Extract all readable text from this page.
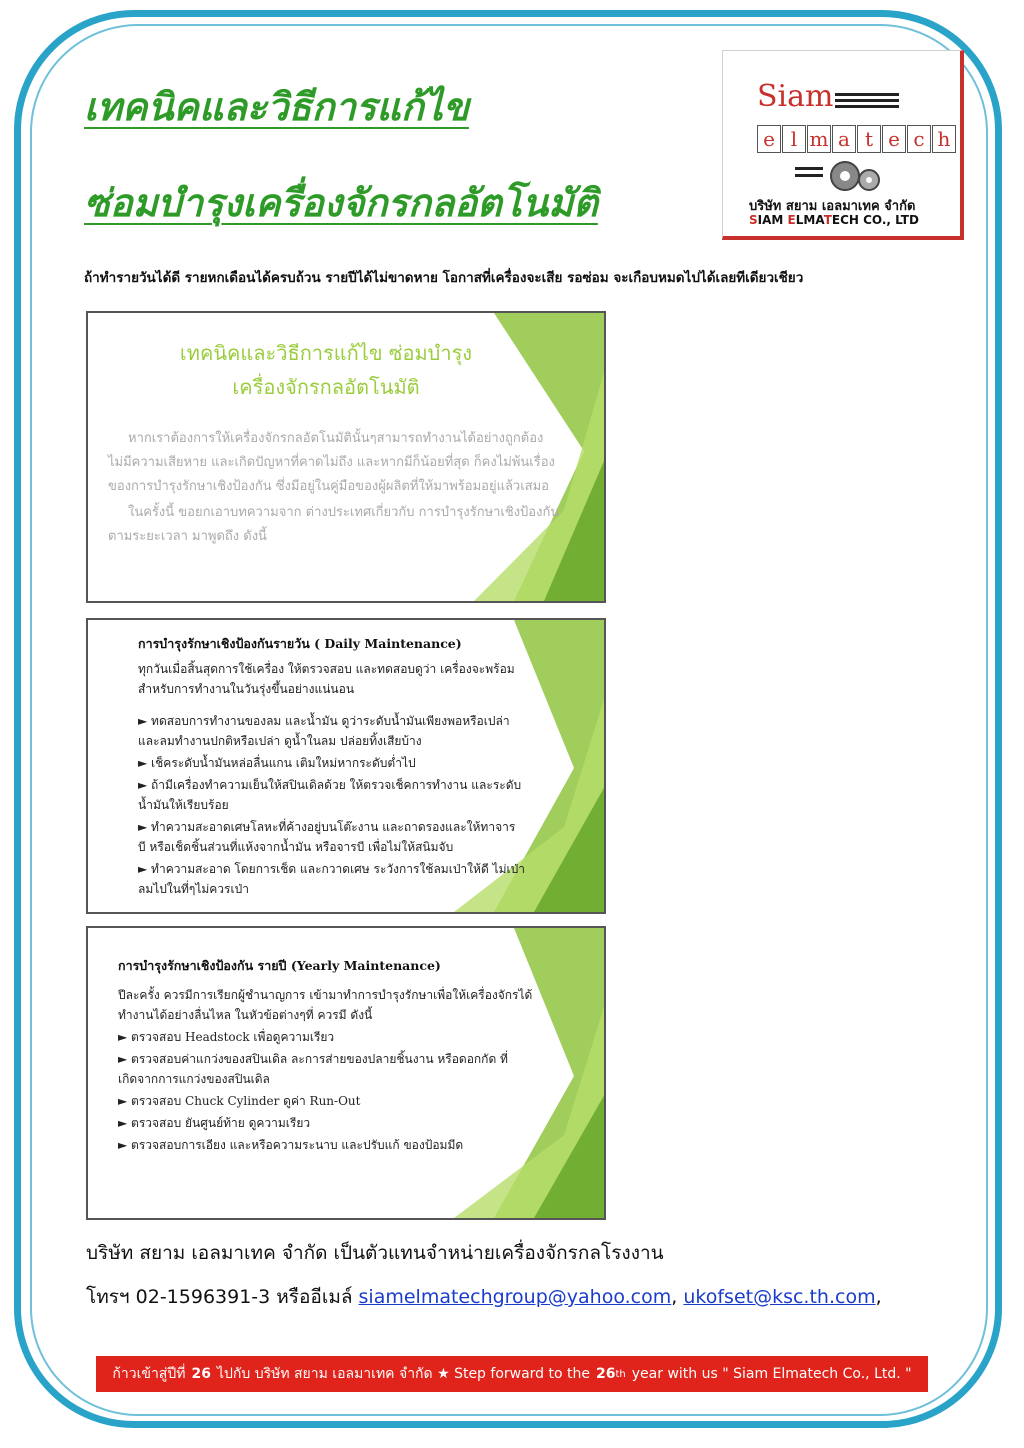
เทคนิคและวิธีการแก้ไข
ซ่อมบำรุงเครื่องจักรกลอัตโนมัติ
Siam
e l m a t e c h
บริษัท สยาม เอลมาเทค จำกัด
SIAM ELMATECH CO., LTD
ถ้าทำรายวันได้ดี รายหกเดือนได้ครบถ้วน รายปีได้ไม่ขาดหาย โอกาสที่เครื่องจะเสีย รอซ่อม จะเกือบหมดไปได้เลยทีเดียวเชียว
เทคนิคและวิธีการแก้ไข ซ่อมบำรุง
เครื่องจักรกลอัตโนมัติ
หากเราต้องการให้เครื่องจักรกลอัตโนมัตินั้นๆสามารถทำงานได้อย่างถูกต้อง
ไม่มีความเสียหาย และเกิดปัญหาที่คาดไม่ถึง และหากมีก็น้อยที่สุด ก็คงไม่พ้นเรื่อง
ของการบำรุงรักษาเชิงป้องกัน ซึ่งมีอยู่ในคู่มือของผู้ผลิตที่ให้มาพร้อมอยู่แล้วเสมอ
ในครั้งนี้ ขอยกเอาบทความจาก ต่างประเทศเกี่ยวกับ การบำรุงรักษาเชิงป้องกัน
ตามระยะเวลา มาพูดถึง ดังนี้
การบำรุงรักษาเชิงป้องกันรายวัน ( Daily Maintenance)
ทุกวันเมื่อสิ้นสุดการใช้เครื่อง ให้ตรวจสอบ และทดสอบดูว่า เครื่องจะพร้อม
สำหรับการทำงานในวันรุ่งขึ้นอย่างแน่นอน
► ทดสอบการทำงานของลม และน้ำมัน ดูว่าระดับน้ำมันเพียงพอหรือเปล่า
และลมทำงานปกติหรือเปล่า ดูน้ำในลม ปล่อยทิ้งเสียบ้าง
► เช็คระดับน้ำมันหล่อลื่นแกน เติมใหม่หากระดับต่ำไป
► ถ้ามีเครื่องทำความเย็นให้สปินเดิลด้วย ให้ตรวจเช็คการทำงาน และระดับ
น้ำมันให้เรียบร้อย
► ทำความสะอาดเศษโลหะที่ค้างอยู่บนโต๊ะงาน และถาดรองและให้ทาจาร
บี หรือเช็ดชิ้นส่วนที่แห้งจากน้ำมัน หรือจารบี เพื่อไม่ให้สนิมจับ
► ทำความสะอาด โดยการเช็ด และกวาดเศษ ระวังการใช้ลมเป่าให้ดี ไม่เป่า
ลมไปในที่ๆไม่ควรเป่า
การบำรุงรักษาเชิงป้องกัน รายปี (Yearly Maintenance)
ปีละครั้ง ควรมีการเรียกผู้ชำนาญการ เข้ามาทำการบำรุงรักษาเพื่อให้เครื่องจักรได้
ทำงานได้อย่างลื่นไหล ในหัวข้อต่างๆที่ ควรมี ดังนี้
► ตรวจสอบ Headstock เพื่อดูความเรียว
► ตรวจสอบค่าแกว่งของสปินเดิล ละการส่ายของปลายชิ้นงาน หรือดอกกัด ที่
เกิดจากการแกว่งของสปินเดิล
► ตรวจสอบ Chuck Cylinder ดูค่า Run-Out
► ตรวจสอบ ยันศูนย์ท้าย ดูความเรียว
► ตรวจสอบการเอียง และหรือความระนาบ และปรับแก้ ของป้อมมีด
บริษัท สยาม เอลมาเทค จำกัด เป็นตัวแทนจำหน่ายเครื่องจักรกลโรงงาน
โทรฯ 02-1596391-3 หรืออีเมล์ siamelmatechgroup@yahoo.com, ukofset@ksc.th.com,
ก้าวเข้าสู่ปีที่ 26 ไปกับ บริษัท สยาม เอลมาเทค จำกัด ★ Step forward to the 26 th year with us " Siam Elmatech Co., Ltd. "
